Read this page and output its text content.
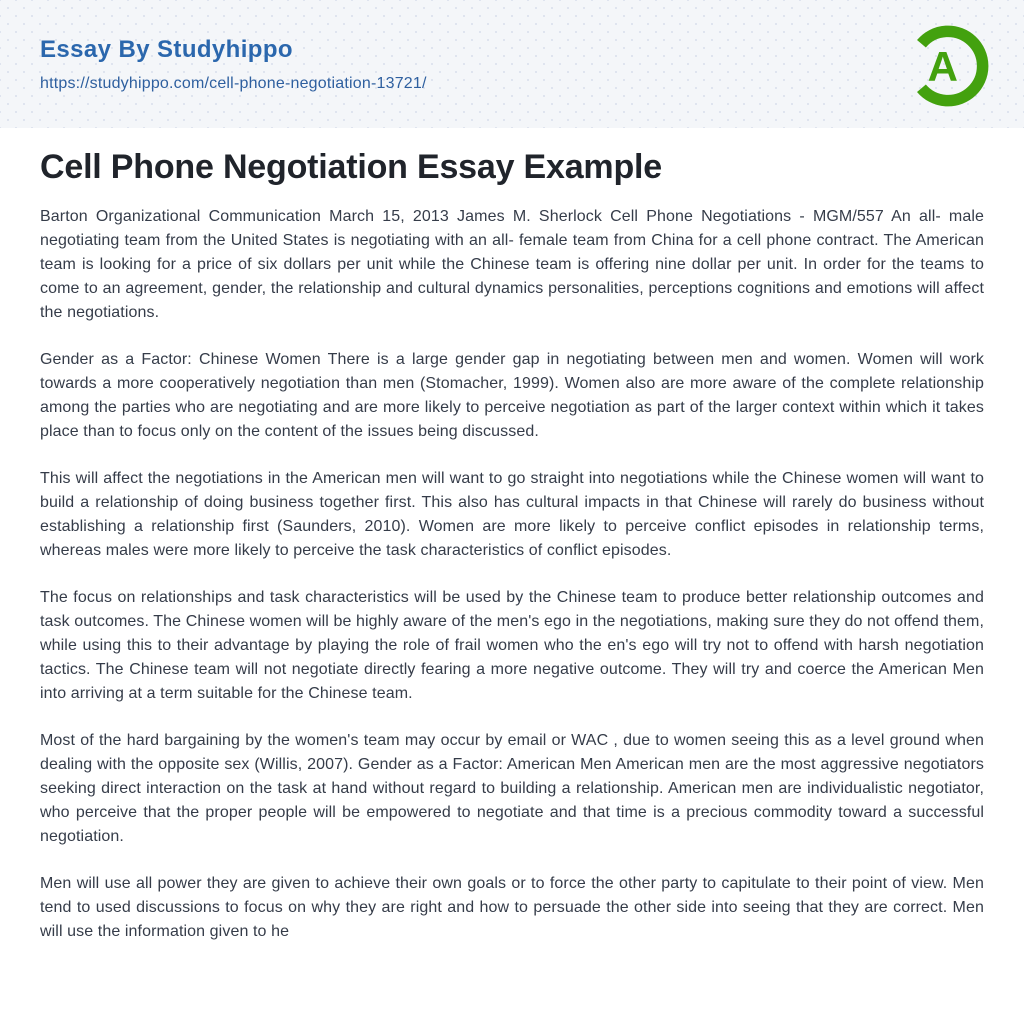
Essay By Studyhippo
https://studyhippo.com/cell-phone-negotiation-13721/	A
Cell Phone Negotiation Essay Example

Barton Organizational Communication March 15, 2013 James M. Sherlock Cell Phone Negotiations - MGM/557 An all- male negotiating team from the United States is negotiating with an all- female team from China for a cell phone contract. The American team is looking for a price of six dollars per unit while the Chinese team is offering nine dollar per unit. In order for the teams to come to an agreement, gender, the relationship and cultural dynamics personalities, perceptions cognitions and emotions will affect the negotiations.

Gender as a Factor: Chinese Women There is a large gender gap in negotiating between men and women. Women will work towards a more cooperatively negotiation than men (Stomacher, 1999). Women also are more aware of the complete relationship among the parties who are negotiating and are more likely to perceive negotiation as part of the larger context within which it takes place than to focus only on the content of the issues being discussed.

This will affect the negotiations in the American men will want to go straight into negotiations while the Chinese women will want to build a relationship of doing business together first. This also has cultural impacts in that Chinese will rarely do business without establishing a relationship first (Saunders, 2010). Women are more likely to perceive conflict episodes in relationship terms, whereas males were more likely to perceive the task characteristics of conflict episodes.

The focus on relationships and task characteristics will be used by the Chinese team to produce better relationship outcomes and task outcomes. The Chinese women will be highly aware of the men's ego in the negotiations, making sure they do not offend them, while using this to their advantage by playing the role of frail women who the en's ego will try not to offend with harsh negotiation tactics. The Chinese team will not negotiate directly fearing a more negative outcome. They will try and coerce the American Men into arriving at a term suitable for the Chinese team.

Most of the hard bargaining by the women's team may occur by email or WAC , due to women seeing this as a level ground when dealing with the opposite sex (Willis, 2007). Gender as a Factor: American Men American men are the most aggressive negotiators seeking direct interaction on the task at hand without regard to building a relationship. American men are individualistic negotiator, who perceive that the proper people will be empowered to negotiate and that time is a precious commodity toward a successful negotiation.

Men will use all power they are given to achieve their own goals or to force the other party to capitulate to their point of view. Men tend to used discussions to focus on why they are right and how to persuade the other side into seeing that they are correct. Men will use the information given to he
